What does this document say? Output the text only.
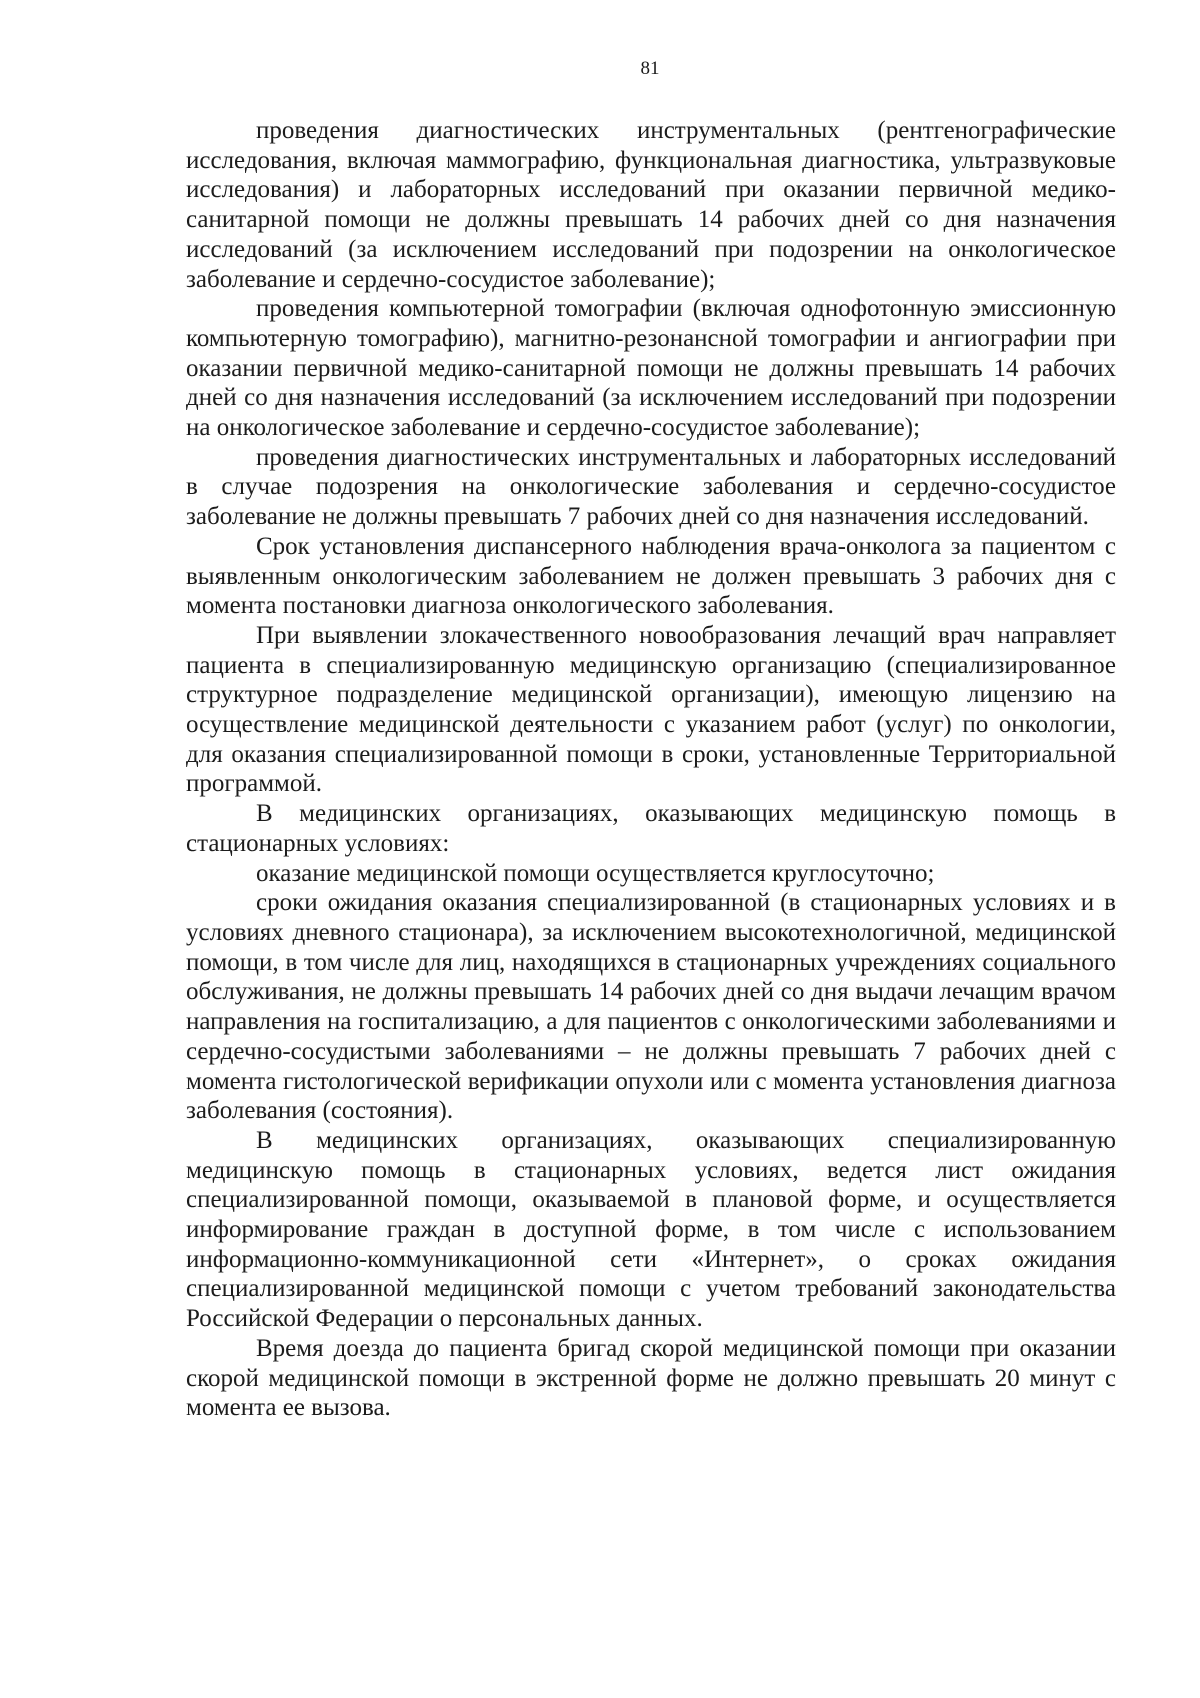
81

проведения диагностических инструментальных (рентгенографические исследования, включая маммографию, функциональная диагностика, ультразвуковые исследования) и лабораторных исследований при оказании первичной медико-санитарной помощи не должны превышать 14 рабочих дней со дня назначения исследований (за исключением исследований при подозрении на онкологическое заболевание и сердечно-сосудистое заболевание);

проведения компьютерной томографии (включая однофотонную эмиссионную компьютерную томографию), магнитно-резонансной томографии и ангиографии при оказании первичной медико-санитарной помощи не должны превышать 14 рабочих дней со дня назначения исследований (за исключением исследований при подозрении на онкологическое заболевание и сердечно-сосудистое заболевание);

проведения диагностических инструментальных и лабораторных исследований в случае подозрения на онкологические заболевания и сердечно-сосудистое заболевание не должны превышать 7 рабочих дней со дня назначения исследований.

Срок установления диспансерного наблюдения врача-онколога за пациентом с выявленным онкологическим заболеванием не должен превышать 3 рабочих дня с момента постановки диагноза онкологического заболевания.

При выявлении злокачественного новообразования лечащий врач направляет пациента в специализированную медицинскую организацию (специализированное структурное подразделение медицинской организации), имеющую лицензию на осуществление медицинской деятельности с указанием работ (услуг) по онкологии, для оказания специализированной помощи в сроки, установленные Территориальной программой.

В медицинских организациях, оказывающих медицинскую помощь в стационарных условиях:

оказание медицинской помощи осуществляется круглосуточно;

сроки ожидания оказания специализированной (в стационарных условиях и в условиях дневного стационара), за исключением высокотехнологичной, медицинской помощи, в том числе для лиц, находящихся в стационарных учреждениях социального обслуживания, не должны превышать 14 рабочих дней со дня выдачи лечащим врачом направления на госпитализацию, а для пациентов с онкологическими заболеваниями и сердечно-сосудистыми заболеваниями – не должны превышать 7 рабочих дней с момента гистологической верификации опухоли или с момента установления диагноза заболевания (состояния).

В медицинских организациях, оказывающих специализированную медицинскую помощь в стационарных условиях, ведется лист ожидания специализированной помощи, оказываемой в плановой форме, и осуществляется информирование граждан в доступной форме, в том числе с использованием информационно-коммуникационной сети «Интернет», о сроках ожидания специализированной медицинской помощи с учетом требований законодательства Российской Федерации о персональных данных.

Время доезда до пациента бригад скорой медицинской помощи при оказании скорой медицинской помощи в экстренной форме не должно превышать 20 минут с момента ее вызова.
